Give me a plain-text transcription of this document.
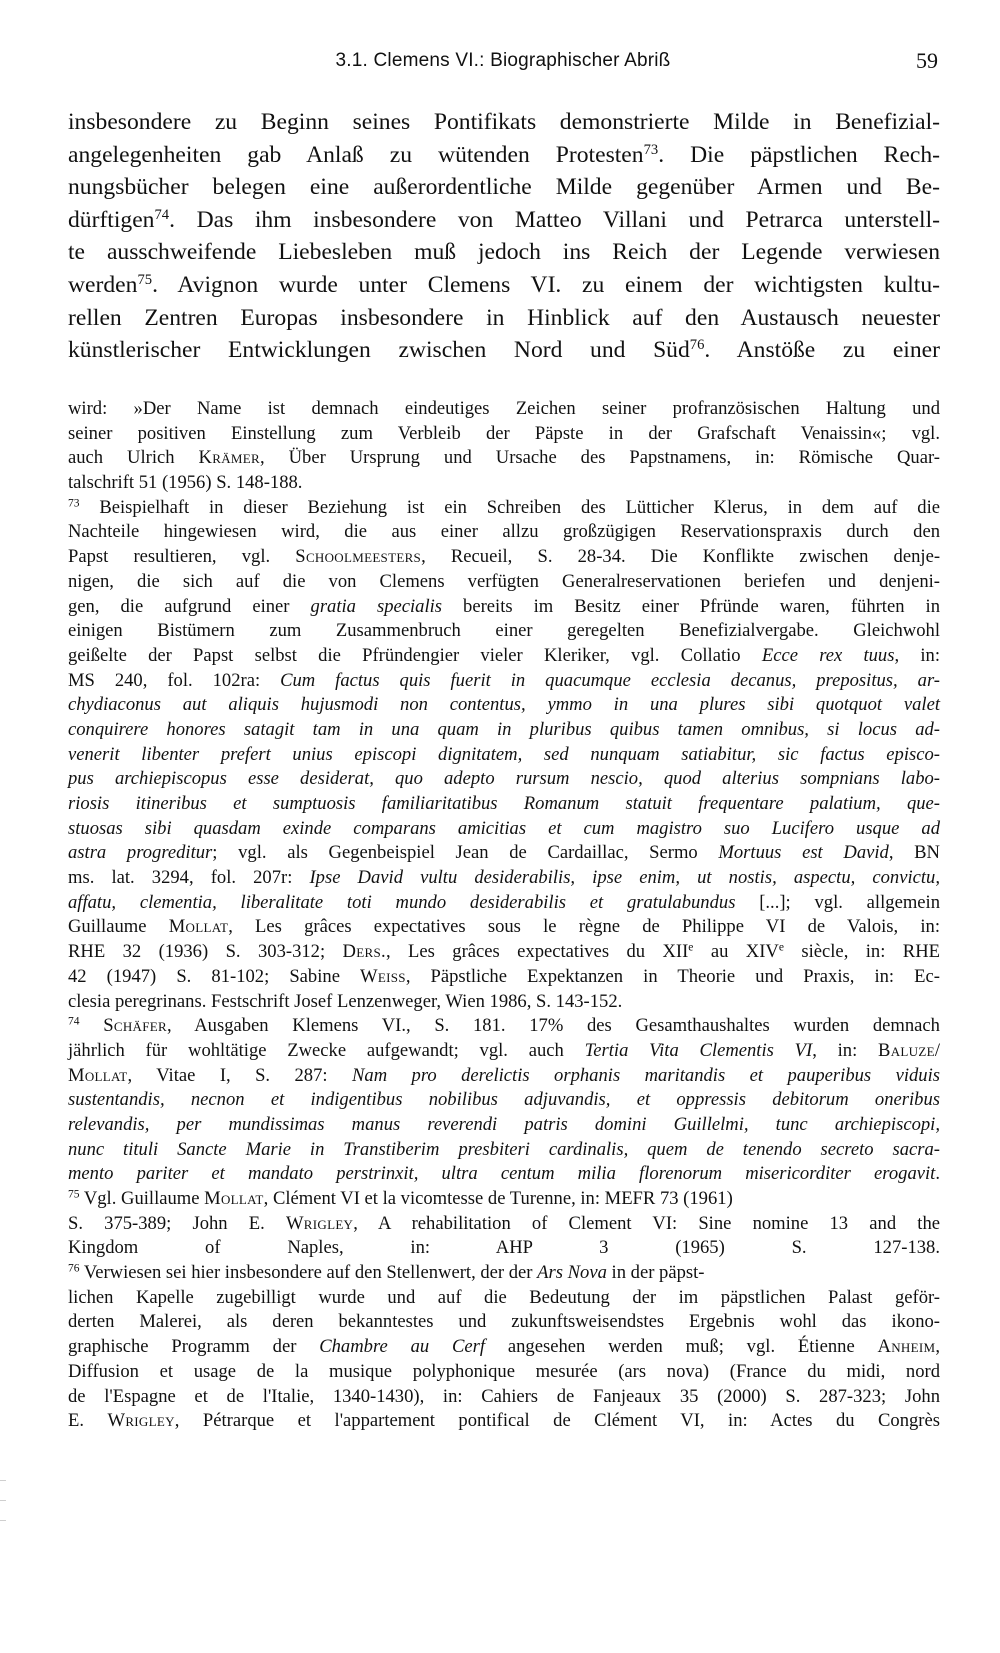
3.1. Clemens VI.: Biographischer Abriß	59
insbesondere zu Beginn seines Pontifikats demonstrierte Milde in Benefizial-
angelegenheiten gab Anlaß zu wütenden Protesten$^{73}$. Die päpstlichen Rech-
nungsbücher belegen eine außerordentliche Milde gegenüber Armen und Be-
dürftigen$^{74}$. Das ihm insbesondere von Matteo Villani und Petrarca unterstell-
te ausschweifende Liebesleben muß jedoch ins Reich der Legende verwiesen
werden$^{75}$. Avignon wurde unter Clemens VI. zu einem der wichtigsten kultu-
rellen Zentren Europas insbesondere in Hinblick auf den Austausch neuester
künstlerischer Entwicklungen zwischen Nord und Süd$^{76}$. Anstöße zu einer
wird: »Der Name ist demnach eindeutiges Zeichen seiner profranzösischen Haltung und
seiner positiven Einstellung zum Verbleib der Päpste in der Grafschaft Venaissin«; vgl.
auch Ulrich Krämer, Über Ursprung und Ursache des Papstnamens, in: Römische Quar-
talschrift 51 (1956) S. 148-188.
$^{73}$ Beispielhaft in dieser Beziehung ist ein Schreiben des Lütticher Klerus, in dem auf die
Nachteile hingewiesen wird, die aus einer allzu großzügigen Reservationspraxis durch den
Papst resultieren, vgl. Schoolmeesters, Recueil, S. 28-34. Die Konflikte zwischen denje-
nigen, die sich auf die von Clemens verfügten Generalreservationen beriefen und denjeni-
gen, die aufgrund einer gratia specialis bereits im Besitz einer Pfründe waren, führten in
einigen Bistümern zum Zusammenbruch einer geregelten Benefizialvergabe. Gleichwohl
geißelte der Papst selbst die Pfründengier vieler Kleriker, vgl. Collatio Ecce rex tuus, in:
MS 240, fol. 102ra: Cum factus quis fuerit in quacumque ecclesia decanus, prepositus, ar-
chydiaconus aut aliquis hujusmodi non contentus, ymmo in una plures sibi quotquot valet
conquirere honores satagit tam in una quam in pluribus quibus tamen omnibus, si locus ad-
venerit libenter prefert unius episcopi dignitatem, sed nunquam satiabitur, sic factus episco-
pus archiepiscopus esse desiderat, quo adepto rursum nescio, quod alterius sompnians labo-
riosis itineribus et sumptuosis familiaritatibus Romanum statuit frequentare palatium, que-
stuosas sibi quasdam exinde comparans amicitias et cum magistro suo Lucifero usque ad
astra progreditur; vgl. als Gegenbeispiel Jean de Cardaillac, Sermo Mortuus est David, BN
ms. lat. 3294, fol. 207r: Ipse David vultu desiderabilis, ipse enim, ut nostis, aspectu, convictu,
affatu, clementia, liberalitate toti mundo desiderabilis et gratulabundus [...]; vgl. allgemein
Guillaume Mollat, Les grâces expectatives sous le règne de Philippe VI de Valois, in:
RHE 32 (1936) S. 303-312; Ders., Les grâces expectatives du XIIe au XIVe siècle, in: RHE
42 (1947) S. 81-102; Sabine Weiss, Päpstliche Expektanzen in Theorie und Praxis, in: Ec-
clesia peregrinans. Festschrift Josef Lenzenweger, Wien 1986, S. 143-152.
$^{74}$ Schäfer, Ausgaben Klemens VI., S. 181. 17% des Gesamthaushaltes wurden demnach
jährlich für wohltätige Zwecke aufgewandt; vgl. auch Tertia Vita Clementis VI, in: Baluze/
Mollat, Vitae I, S. 287: Nam pro derelictis orphanis maritandis et pauperibus viduis
sustentandis, necnon et indigentibus nobilibus adjuvandis, et oppressis debitorum oneribus
relevandis, per mundissimas manus reverendi patris domini Guillelmi, tunc archiepiscopi,
nunc tituli Sancte Marie in Transtiberim presbiteri cardinalis, quem de tenendo secreto sacra-
mento pariter et mandato perstrinxit, ultra centum milia florenorum misericorditer erogavit.
$^{75}$ Vgl. Guillaume Mollat, Clément VI et la vicomtesse de Turenne, in: MEFR 73 (1961)
S. 375-389; John E. Wrigley, A rehabilitation of Clement VI: Sine nomine 13 and the
Kingdom of Naples, in: AHP 3 (1965) S. 127-138.
$^{76}$ Verwiesen sei hier insbesondere auf den Stellenwert, der der Ars Nova in der päpst-
lichen Kapelle zugebilligt wurde und auf die Bedeutung der im päpstlichen Palast geför-
derten Malerei, als deren bekanntestes und zukunftsweisendstes Ergebnis wohl das ikono-
graphische Programm der Chambre au Cerf angesehen werden muß; vgl. Étienne Anheim,
Diffusion et usage de la musique polyphonique mesurée (ars nova) (France du midi, nord
de l'Espagne et de l'Italie, 1340-1430), in: Cahiers de Fanjeaux 35 (2000) S. 287-323; John
E. Wrigley, Pétrarque et l'appartement pontifical de Clément VI, in: Actes du Congrès
